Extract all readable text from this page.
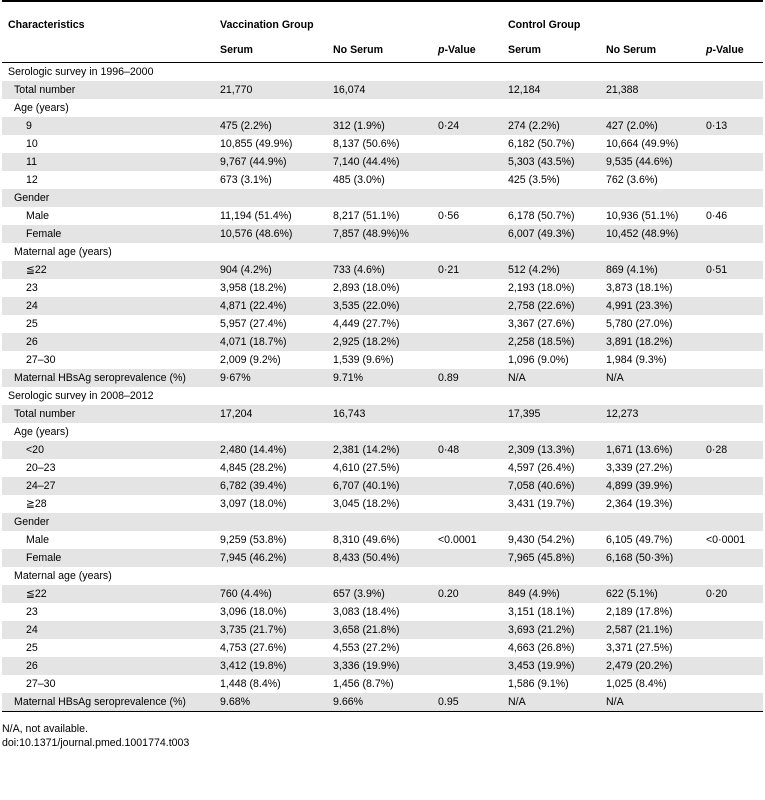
Characteristics	Vaccination Group			Control Group		
	Serum	No Serum	p-Value	Serum	No Serum	p-Value
Serologic survey in 1996–2000						
Total number	21,770	16,074		12,184	21,388	
Age (years)						
9	475 (2.2%)	312 (1.9%)	0·24	274 (2.2%)	427 (2.0%)	0·13
10	10,855 (49.9%)	8,137 (50.6%)		6,182 (50.7%)	10,664 (49.9%)	
11	9,767 (44.9%)	7,140 (44.4%)		5,303 (43.5%)	9,535 (44.6%)	
12	673 (3.1%)	485 (3.0%)		425 (3.5%)	762 (3.6%)	
Gender						
Male	11,194 (51.4%)	8,217 (51.1%)	0·56	6,178 (50.7%)	10,936 (51.1%)	0·46
Female	10,576 (48.6%)	7,857 (48.9%)%		6,007 (49.3%)	10,452 (48.9%)	
Maternal age (years)						
≦22	904 (4.2%)	733 (4.6%)	0·21	512 (4.2%)	869 (4.1%)	0·51
23	3,958 (18.2%)	2,893 (18.0%)		2,193 (18.0%)	3,873 (18.1%)	
24	4,871 (22.4%)	3,535 (22.0%)		2,758 (22.6%)	4,991 (23.3%)	
25	5,957 (27.4%)	4,449 (27.7%)		3,367 (27.6%)	5,780 (27.0%)	
26	4,071 (18.7%)	2,925 (18.2%)		2,258 (18.5%)	3,891 (18.2%)	
27–30	2,009 (9.2%)	1,539 (9.6%)		1,096 (9.0%)	1,984 (9.3%)	
Maternal HBsAg seroprevalence (%)	9·67%	9.71%	0.89	N/A	N/A	
Serologic survey in 2008–2012						
Total number	17,204	16,743		17,395	12,273	
Age (years)						
<20	2,480 (14.4%)	2,381 (14.2%)	0·48	2,309 (13.3%)	1,671 (13.6%)	0·28
20–23	4,845 (28.2%)	4,610 (27.5%)		4,597 (26.4%)	3,339 (27.2%)	
24–27	6,782 (39.4%)	6,707 (40.1%)		7,058 (40.6%)	4,899 (39.9%)	
≧28	3,097 (18.0%)	3,045 (18.2%)		3,431 (19.7%)	2,364 (19.3%)	
Gender						
Male	9,259 (53.8%)	8,310 (49.6%)	<0.0001	9,430 (54.2%)	6,105 (49.7%)	<0·0001
Female	7,945 (46.2%)	8,433 (50.4%)		7,965 (45.8%)	6,168 (50·3%)	
Maternal age (years)						
≦22	760 (4.4%)	657 (3.9%)	0.20	849 (4.9%)	622 (5.1%)	0·20
23	3,096 (18.0%)	3,083 (18.4%)		3,151 (18.1%)	2,189 (17.8%)	
24	3,735 (21.7%)	3,658 (21.8%)		3,693 (21.2%)	2,587 (21.1%)	
25	4,753 (27.6%)	4,553 (27.2%)		4,663 (26.8%)	3,371 (27.5%)	
26	3,412 (19.8%)	3,336 (19.9%)		3,453 (19.9%)	2,479 (20.2%)	
27–30	1,448 (8.4%)	1,456 (8.7%)		1,586 (9.1%)	1,025 (8.4%)	
Maternal HBsAg seroprevalence (%)	9.68%	9.66%	0.95	N/A	N/A	
N/A, not available.
doi:10.1371/journal.pmed.1001774.t003
